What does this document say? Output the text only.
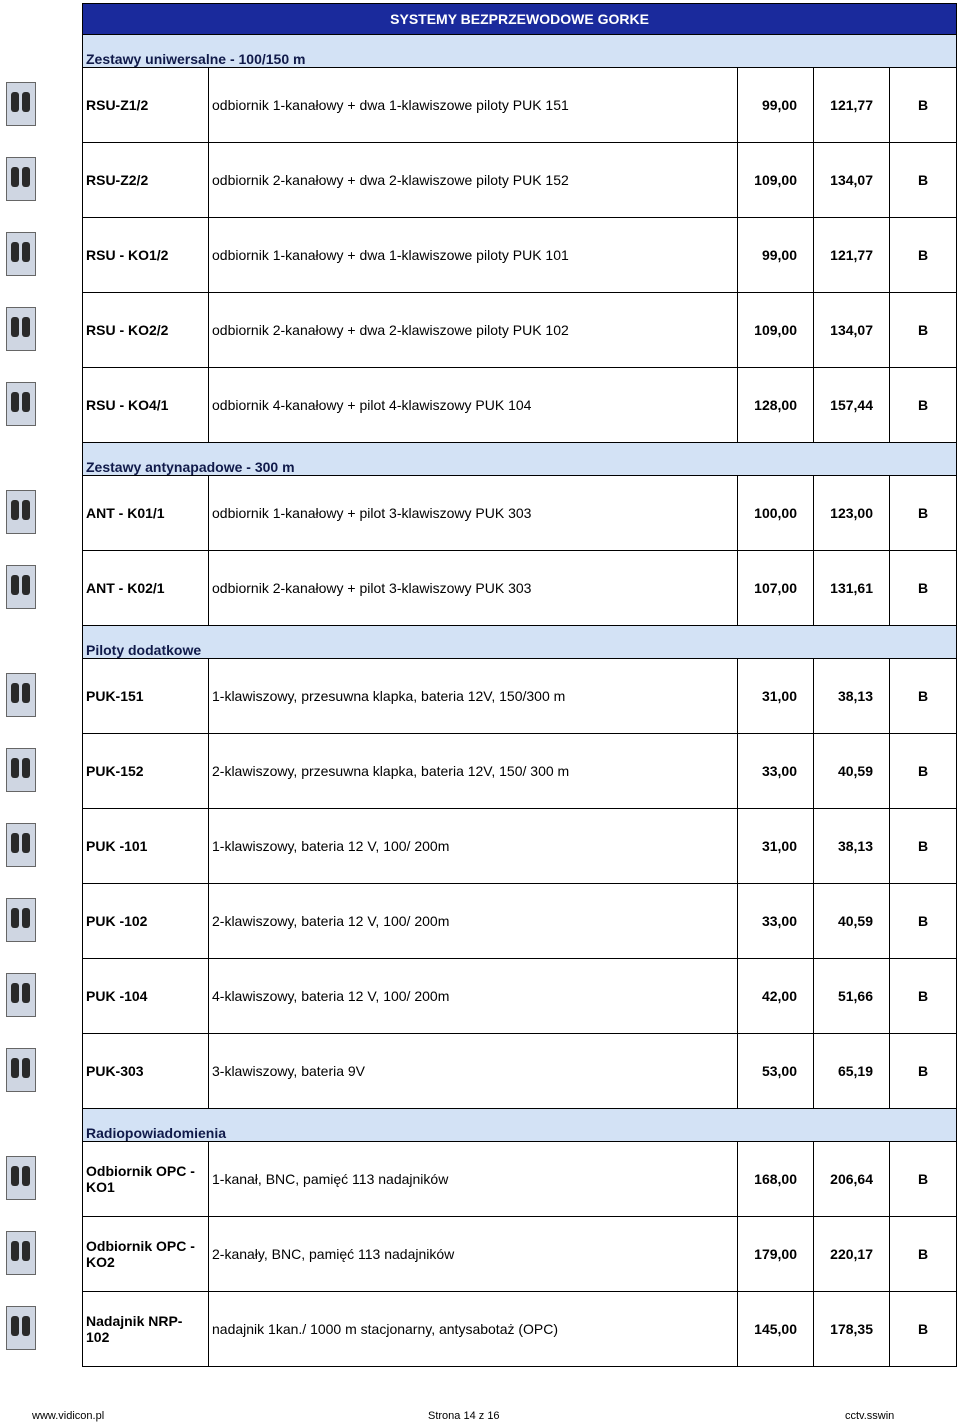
SYSTEMY BEZPRZEWODOWE GORKE				
Zestawy uniwersalne - 100/150 m				
RSU-Z1/2	odbiornik 1-kanałowy + dwa 1-klawiszowe piloty PUK 151	99,00	121,77	B
RSU-Z2/2	odbiornik 2-kanałowy + dwa 2-klawiszowe piloty PUK 152	109,00	134,07	B
RSU - KO1/2	odbiornik 1-kanałowy + dwa 1-klawiszowe piloty PUK 101	99,00	121,77	B
RSU - KO2/2	odbiornik 2-kanałowy + dwa 2-klawiszowe piloty PUK 102	109,00	134,07	B
RSU - KO4/1	odbiornik 4-kanałowy + pilot 4-klawiszowy PUK 104	128,00	157,44	B
Zestawy antynapadowe - 300 m				
ANT - K01/1	odbiornik 1-kanałowy + pilot 3-klawiszowy PUK 303	100,00	123,00	B
ANT - K02/1	odbiornik 2-kanałowy + pilot 3-klawiszowy PUK 303	107,00	131,61	B
Piloty dodatkowe				
PUK-151	1-klawiszowy, przesuwna klapka, bateria 12V, 150/300 m	31,00	38,13	B
PUK-152	2-klawiszowy, przesuwna klapka, bateria 12V, 150/ 300 m	33,00	40,59	B
PUK -101	1-klawiszowy, bateria 12 V, 100/ 200m	31,00	38,13	B
PUK -102	2-klawiszowy, bateria 12 V, 100/ 200m	33,00	40,59	B
PUK -104	4-klawiszowy, bateria 12 V, 100/ 200m	42,00	51,66	B
PUK-303	3-klawiszowy, bateria 9V	53,00	65,19	B
Radiopowiadomienia				
Odbiornik OPC - KO1	1-kanał, BNC, pamięć 113 nadajników	168,00	206,64	B
Odbiornik OPC - KO2	2-kanały, BNC, pamięć 113 nadajników	179,00	220,17	B
Nadajnik NRP-102	nadajnik 1kan./ 1000 m stacjonarny, antysabotaż (OPC)	145,00	178,35	B
www.vidicon.pl	Strona 14 z 16	cctv.sswin
